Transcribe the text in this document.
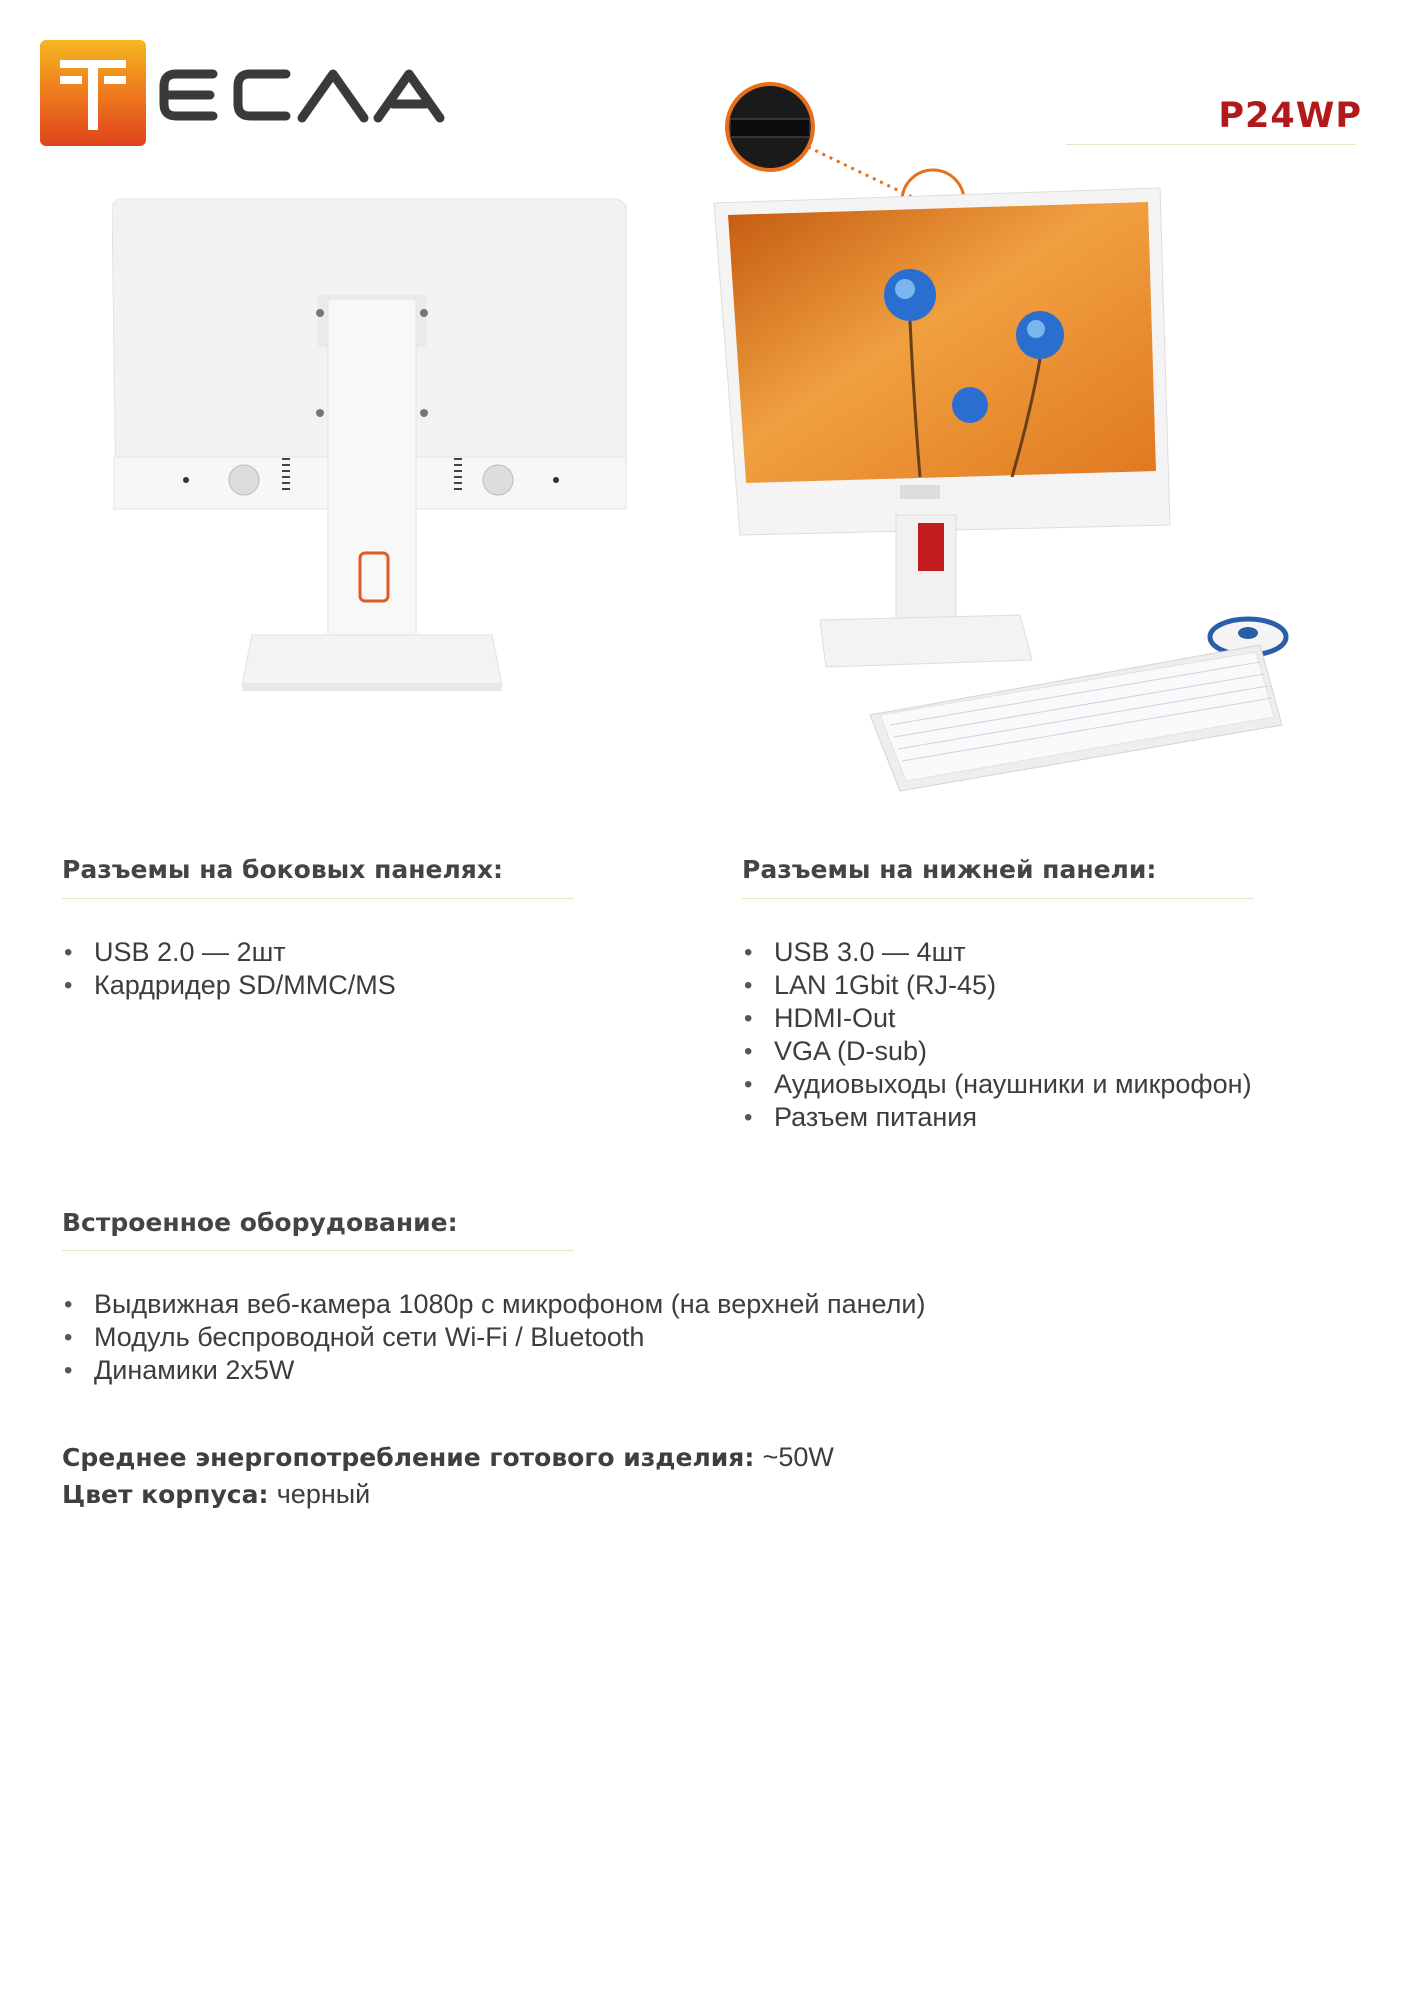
P24WP
Разъемы на боковых панелях:
• USB 2.0 — 2шт
• Кардридер SD/MMC/MS
Разъемы на нижней панели:
• USB 3.0 — 4шт
• LAN 1Gbit (RJ-45)
• HDMI-Out
• VGA (D-sub)
• Аудиовыходы (наушники и микрофон)
• Разъем питания
Встроенное оборудование:
• Выдвижная веб-камера 1080р с микрофоном (на верхней панели)
• Модуль беспроводной сети Wi-Fi / Bluetooth
• Динамики 2x5W

Среднее энергопотребление готового изделия: ~50W

Цвет корпуса: черный
